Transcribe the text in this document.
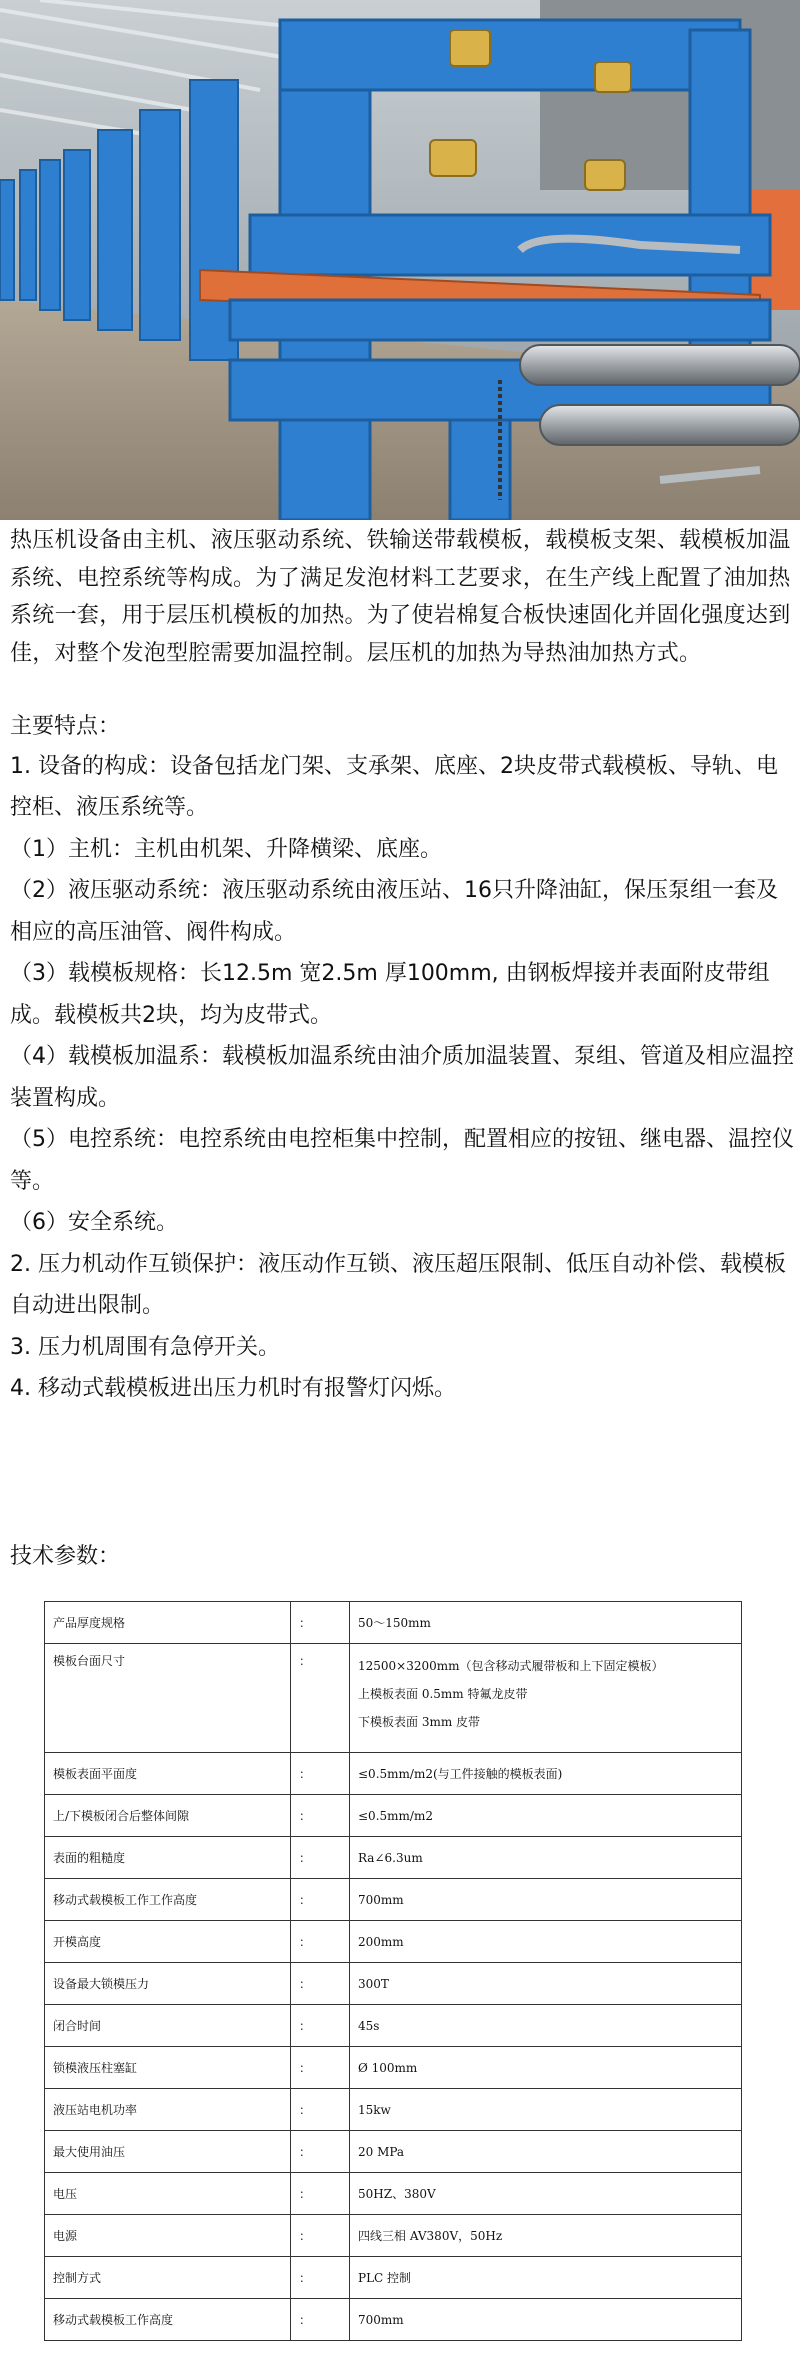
热压机设备由主机、液压驱动系统、铁输送带载模板，载模板支架、载模板加温系统、电控系统等构成。为了满足发泡材料工艺要求，在生产线上配置了油加热系统一套，用于层压机模板的加热。为了使岩棉复合板快速固化并固化强度达到佳，对整个发泡型腔需要加温控制。层压机的加热为导热油加热方式。

主要特点：

1. 设备的构成：设备包括龙门架、支承架、底座、2块皮带式载模板、导轨、电控柜、液压系统等。

（1）主机：主机由机架、升降横梁、底座。

（2）液压驱动系统：液压驱动系统由液压站、16只升降油缸，保压泵组一套及相应的高压油管、阀件构成。

（3）载模板规格：长12.5m 宽2.5m 厚100mm, 由钢板焊接并表面附皮带组成。载模板共2块，均为皮带式。

（4）载模板加温系：载模板加温系统由油介质加温装置、泵组、管道及相应温控装置构成。

（5）电控系统：电控系统由电控柜集中控制，配置相应的按钮、继电器、温控仪等。

（6）安全系统。

2. 压力机动作互锁保护：液压动作互锁、液压超压限制、低压自动补偿、载模板自动进出限制。

3. 压力机周围有急停开关。

4. 移动式载模板进出压力机时有报警灯闪烁。

技术参数：

产品厚度规格	：	50～150mm
模板台面尺寸	：	12500×3200mm（包含移动式履带板和上下固定模板）
上模板表面 0.5mm 特氟龙皮带
下模板表面 3mm 皮带

模板表面平面度	：	≤0.5mm/m2(与工件接触的模板表面)
上/下模板闭合后整体间隙	：	≤0.5mm/m2
表面的粗糙度	：	Ra∠6.3um
移动式载模板工作工作高度	：	700mm
开模高度	：	200mm
设备最大锁模压力	：	300T
闭合时间	：	45s
锁模液压柱塞缸	：	Ø 100mm
液压站电机功率	：	15kw
最大使用油压	：	20 MPa
电压	：	50HZ、380V
电源	：	四线三相 AV380V，50Hz
控制方式	：	PLC 控制
移动式载模板工作高度	：	700mm
